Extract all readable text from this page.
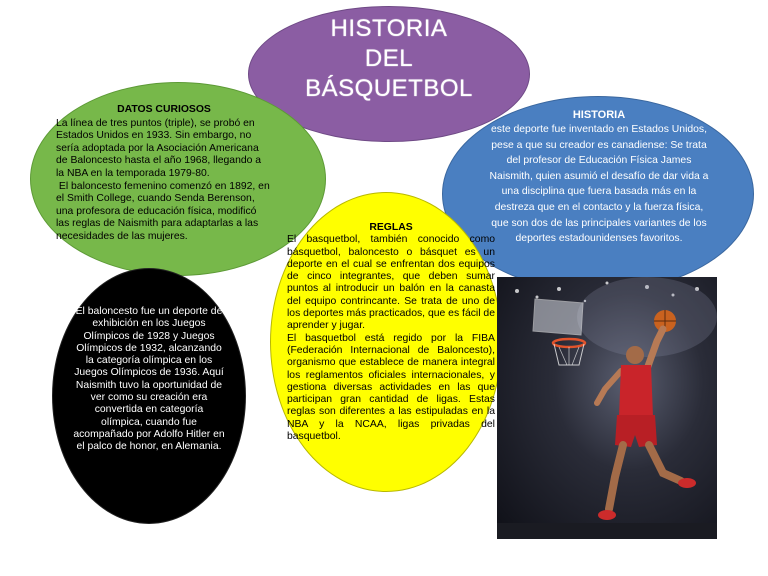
HISTORIA
DEL
BÁSQUETBOL
DATOS CURIOSOS

La línea de tres puntos (triple), se probó en Estados Unidos en 1933. Sin embargo, no sería adoptada por la Asociación Americana de Baloncesto hasta el año 1968, llegando a la NBA en la temporada 1979-80.

El baloncesto femenino comenzó en 1892, en el Smith College, cuando Senda Berenson, una profesora de educación física, modificó las reglas de Naismith para adaptarlas a las necesidades de las mujeres.

HISTORIA
este deporte fue inventado en Estados Unidos, pese a que su creador es canadiense: Se trata del profesor de Educación Física James Naismith, quien asumió el desafío de dar vida a una disciplina que fuera basada más en la destreza que en el contacto y la fuerza física, que son dos de las principales variantes de los deportes estadounidenses favoritos.
REGLAS

El basquetbol, también conocido como básquetbol, baloncesto o básquet es un deporte en el cual se enfrentan dos equipos de cinco integrantes, que deben sumar puntos al introducir un balón en la canasta del equipo contrincante. Se trata de uno de los deportes más practicados, que es fácil de aprender y jugar.

El basquetbol está regido por la FIBA (Federación Internacional de Baloncesto), organismo que establece de manera integral los reglamentos oficiales internacionales, y gestiona diversas actividades en las que participan gran cantidad de ligas. Estas reglas son diferentes a las estipuladas en la NBA y la NCAA, ligas privadas del basquetbol.

El baloncesto fue un deporte de exhibición en los Juegos Olímpicos de 1928 y Juegos Olímpicos de 1932, alcanzando la categoría olímpica en los Juegos Olímpicos de 1936. Aquí Naismith tuvo la oportunidad de ver como su creación era convertida en categoría olímpica, cuando fue acompañado por Adolfo Hitler en el palco de honor, en Alemania.
